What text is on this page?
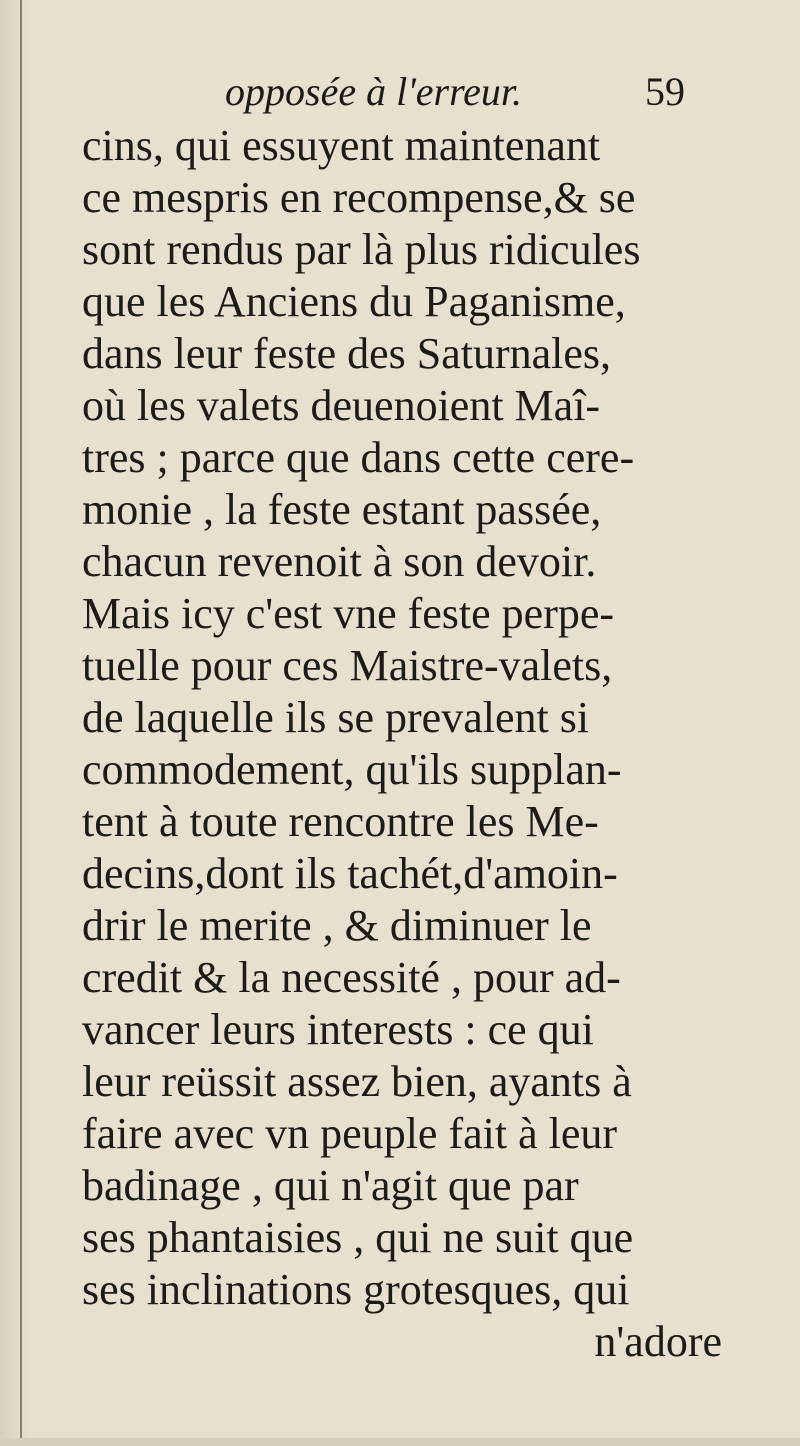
opposée à l'erreur.	59
cins, qui essuyent maintenant
ce mespris en recompense,& se
sont rendus par là plus ridicules
que les Anciens du Paganisme,
dans leur feste des Saturnales,
où les valets deuenoient Maî-
tres ; parce que dans cette cere-
monie , la feste estant passée,
chacun revenoit à son devoir.
Mais icy c'est vne feste perpe-
tuelle pour ces Maistre-valets,
de laquelle ils se prevalent si
commodement, qu'ils supplan-
tent à toute rencontre les Me-
decins,dont ils tachét,d'amoin-
drir le merite , & diminuer le
credit & la necessité , pour ad-
vancer leurs interests : ce qui
leur reüssit assez bien, ayants à
faire avec vn peuple fait à leur
badinage , qui n'agit que par
ses phantaisies , qui ne suit que
ses inclinations grotesques, qui
n'adore
